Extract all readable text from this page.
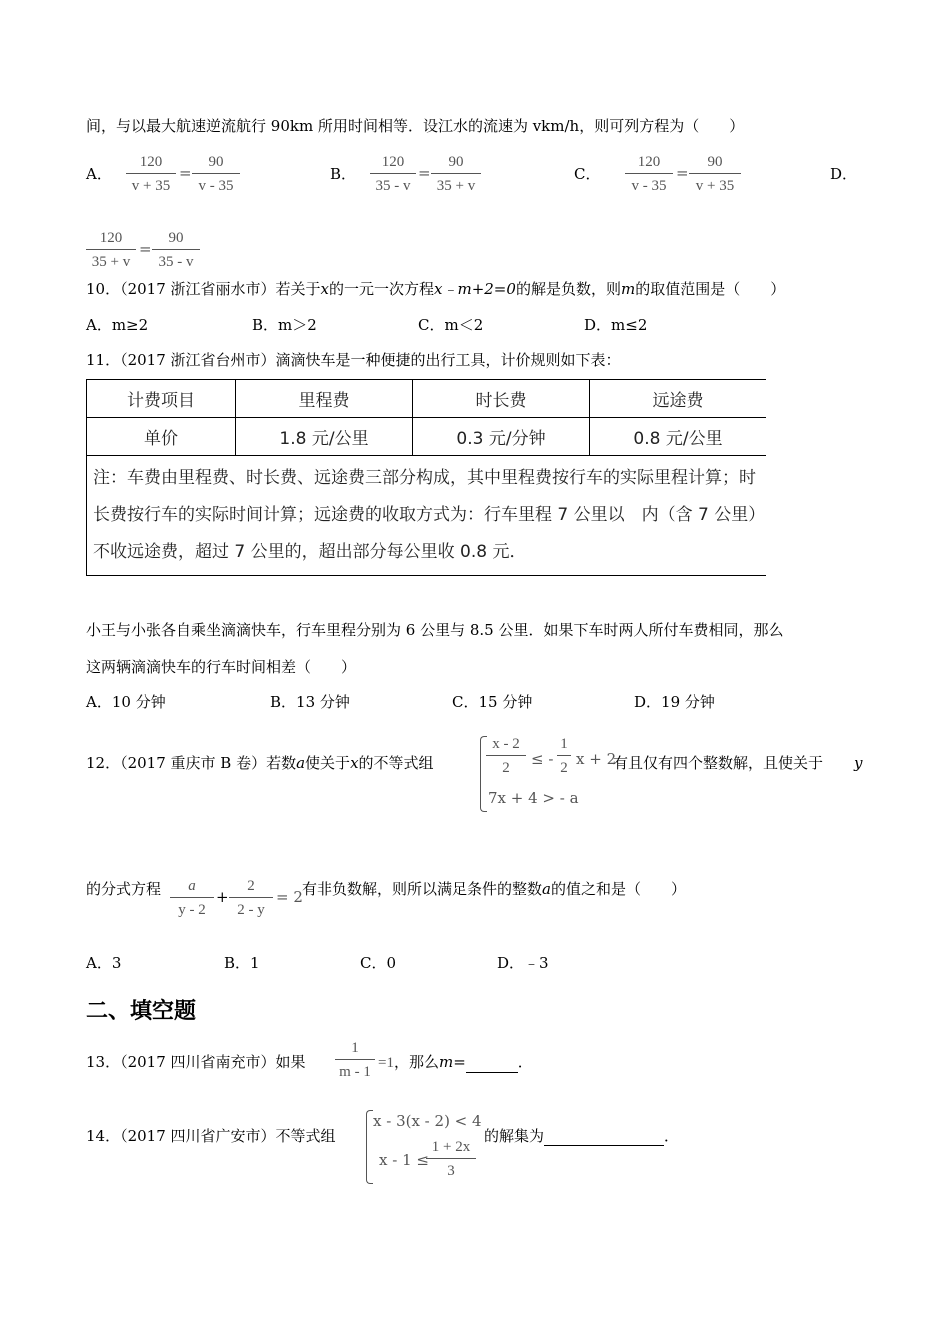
间，与以最大航速逆流航行 90km 所用时间相等．设江水的流速为 vkm/h，则可列方程为（　　）
A． $\frac{120}{v + 35} = \frac{90}{v - 35}$	B． $\frac{120}{35 - v} = \frac{90}{35 + v}$	C． $\frac{120}{v - 35} = \frac{90}{v + 35}$	D．
$\frac{120}{35 + v} = \frac{90}{35 - v}$
10．（2017 浙江省丽水市）若关于x的一元一次方程x﹣m+2=0的解是负数，则m的取值范围是（　　）
A．m≥2	B．m＞2	C．m＜2	D．m≤2
11．（2017 浙江省台州市）滴滴快车是一种便捷的出行工具，计价规则如下表：
计费项目	里程费	时长费	远途费
单价	1.8 元/公里	0.3 元/分钟	0.8 元/公里
注：车费由里程费、时长费、远途费三部分构成，其中里程费按行车的实际里程计算；时长费按行车的实际时间计算；远途费的收取方式为：行车里程 7 公里以　内（含 7 公里）不收远途费，超过 7 公里的，超出部分每公里收 0.8 元．			
小王与小张各自乘坐滴滴快车，行车里程分别为 6 公里与 8.5 公里．如果下车时两人所付车费相同，那么
这两辆滴滴快车的行车时间相差（　　）
A．10 分钟	B．13 分钟	C．15 分钟	D．19 分钟
12．（2017 重庆市 B 卷）若数a使关于x的不等式组	$\frac{x - 2}{2}$ ≤ - $\frac{1}{2}$ x + 2
7x + 4 > - a
有且仅有四个整数解，且使关于 y
的分式方程 $\frac{a}{y - 2} + \frac{2}{2 - y} = 2$ 有非负数解，则所以满足条件的整数a的值之和是（　　）
A．3	B．1	C．0	D．﹣3
二、填空题
13．（2017 四川省南充市）如果 $\frac{1}{m - 1} =1$，那么m=	．
14．（2017 四川省广安市）不等式组
x - 3(x - 2) < 4
x - 1 ≤
$\frac{1 + 2x}{3}$
的解集为	．
